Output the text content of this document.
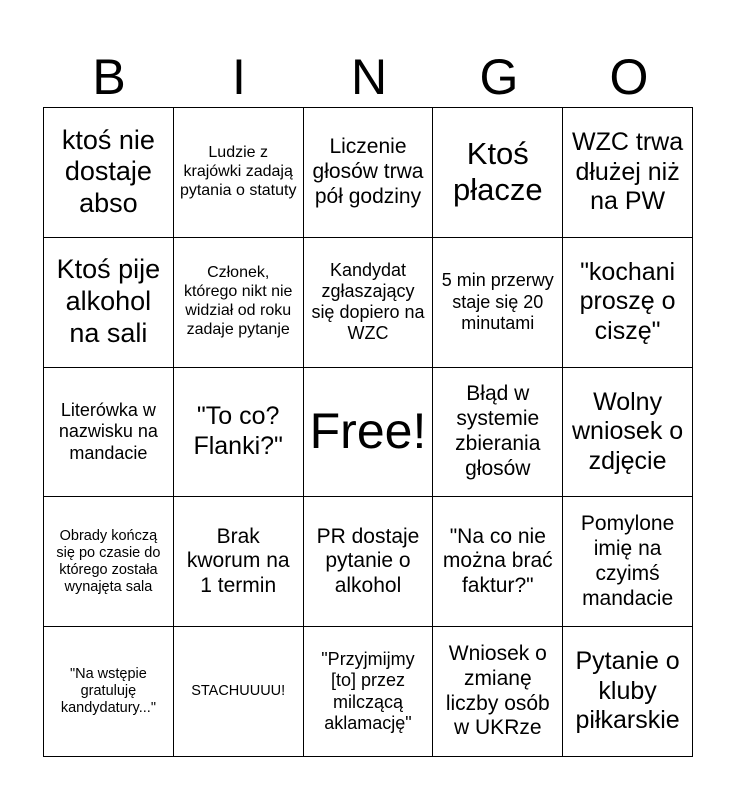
B	I	N	G	O
ktoś nie dostaje abso
Ludzie z krajówki zadają pytania o statuty
Liczenie głosów trwa pół godziny
Ktoś płacze
WZC trwa dłużej niż na PW
Ktoś pije alkohol na sali
Członek, którego nikt nie widział od roku zadaje pytanje
Kandydat zgłaszający się dopiero na WZC
5 min przerwy staje się 20 minutami
"kochani proszę o ciszę"
Literówka w nazwisku na mandacie
"To co? Flanki?" Free!
Błąd w systemie zbierania głosów
Wolny wniosek o zdjęcie
Obrady kończą się po czasie do którego została wynajęta sala
Brak kworum na 1 termin
PR dostaje pytanie o alkohol
"Na co nie można brać faktur?"
Pomylone imię na czyimś mandacie
"Na wstępie gratuluję kandydatury..."
STACHUUUU!
"Przyjmijmy [to] przez milczącą aklamację"
Wniosek o zmianę liczby osób w UKRze
Pytanie o kluby piłkarskie
